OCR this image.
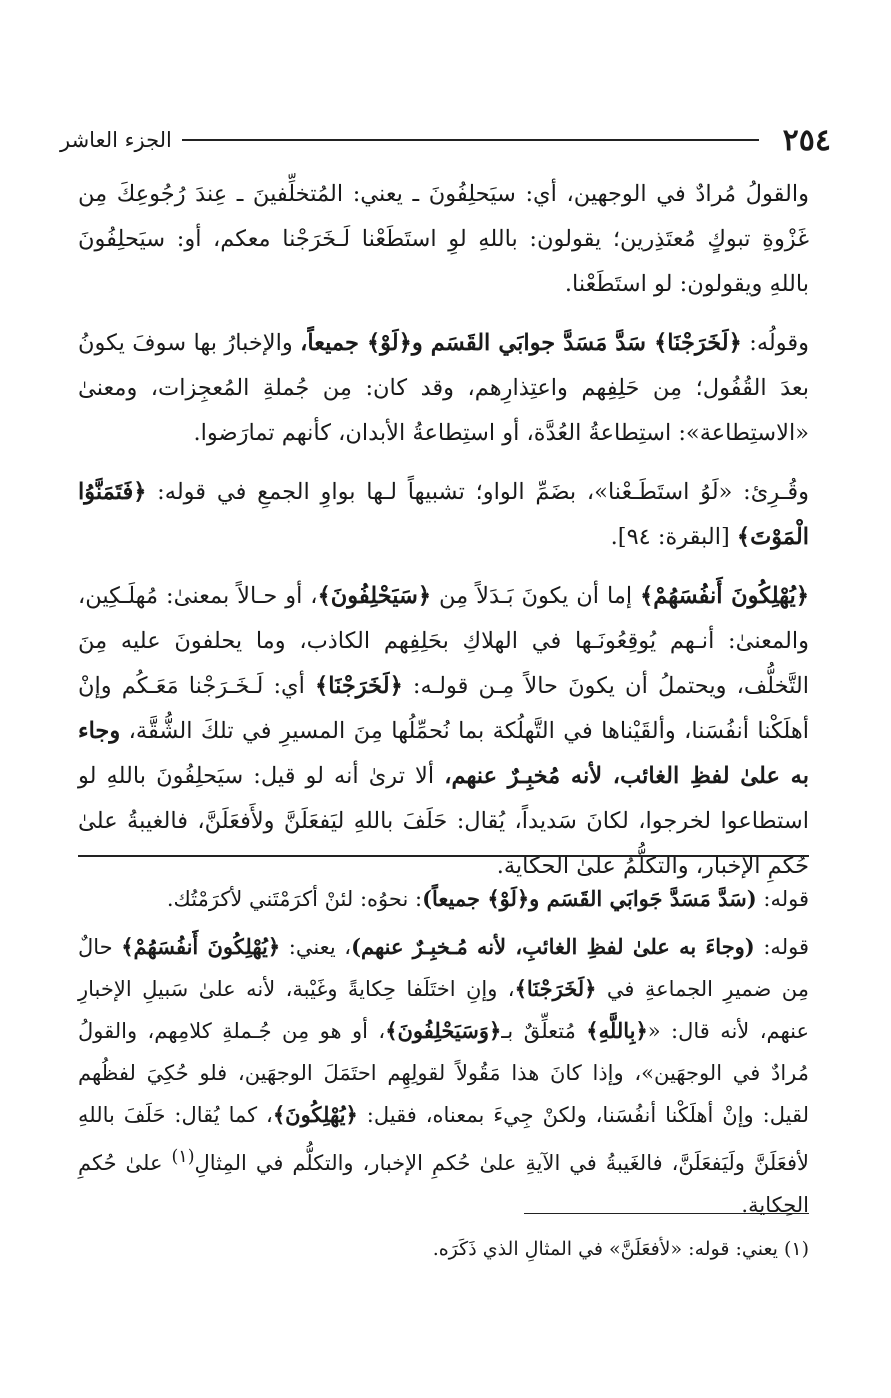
٢٥٤
الجزء العاشر

والقولُ مُرادٌ في الوجهين، أي: سيَحلِفُونَ ـ يعني: المُتخلِّفينَ ـ عِندَ رُجُوعِكَ مِن غَزْوةِ تبوكٍ مُعتَذِرين؛ يقولون: باللهِ لوِ استَطَعْنا لَـخَرَجْنا معكم، أو: سيَحلِفُونَ باللهِ ويقولون: لو استَطَعْنا.

وقولُه: ﴿لَخَرَجْنَا﴾ سَدَّ مَسَدَّ جوابَي القَسَم و﴿لَوْ﴾ جميعاً، والإخبارُ بها سوفَ يكونُ بعدَ القُفُول؛ مِن حَلِفِهم واعتِذارِهم، وقد كان: مِن جُملةِ المُعجِزات، ومعنىٰ «الاستِطاعة»: استِطاعةُ العُدَّة، أو استِطاعةُ الأبدان، كأنهم تمارَضوا.

وقُـرِئ: «لَوُ استَطَـعْنا»، بضَمِّ الواو؛ تشبيهاً لـها بواوِ الجمعِ في قوله: ﴿فَتَمَنَّوُا الْمَوْتَ﴾ [البقرة: ٩٤].

﴿يُهْلِكُونَ أَنفُسَهُمْ﴾ إما أن يكونَ بَـدَلاً مِن ﴿سَيَحْلِفُونَ﴾، أو حـالاً بمعنىٰ: مُهلَـكِين، والمعنىٰ: أنـهم يُوقِعُونَـها في الهلاكِ بحَلِفِهم الكاذب، وما يحلفونَ عليه مِنَ التَّخلُّف، ويحتملُ أن يكونَ حالاً مِـن قولـه: ﴿لَخَرَجْنَا﴾ أي: لَـخَـرَجْنا مَعَـكُم وإنْ أهلَكْنا أنفُسَنا، وألقَيْناها في التَّهلُكة بما نُحمِّلُها مِنَ المسيرِ في تلكَ الشُّقَّة، وجاء به علىٰ لفظِ الغائب، لأنه مُخبِـرٌ عنهم، ألا ترىٰ أنه لو قيل: سيَحلِفُونَ باللهِ لو استطاعوا لخرجوا، لكانَ سَديداً، يُقال: حَلَفَ باللهِ ليَفعَلَنَّ ولأَفعَلَنَّ، فالغيبةُ علىٰ حُكمِ الإخبار، والتكلُّمُ علىٰ الحكاية.

قوله: (سَدَّ مَسَدَّ جَوابَي القَسَم و﴿لَوْ﴾ جميعاً): نحوُه: لئنْ أكرَمْتَني لأكرَمْتُك.

قوله: (وجاءَ به علىٰ لفظِ الغائبِ، لأنه مُـخبِـرٌ عنهم)، يعني: ﴿يُهْلِكُونَ أَنفُسَهُمْ﴾ حالٌ مِن ضميرِ الجماعةِ في ﴿لَخَرَجْنَا﴾، وإنِ اختَلَفا حِكايةً وغَيْبة، لأنه علىٰ سَبيلِ الإخبارِ عنهم، لأنه قال: «﴿بِاللَّهِ﴾ مُتعلِّقٌ بـ﴿وَسَيَحْلِفُونَ﴾، أو هو مِن جُـملةِ كلامِهم، والقولُ مُرادٌ في الوجهَين»، وإذا كانَ هذا مَقُولاً لقولِهِم احتَمَلَ الوجهَين، فلو حُكِيَ لفظُهم لقيل: وإنْ أهلَكْنا أنفُسَنا، ولكنْ جِيءَ بمعناه، فقيل: ﴿يُهْلِكُونَ﴾، كما يُقال: حَلَفَ باللهِ لأفعَلَنَّ ولَيَفعَلَنَّ، فالغَيبةُ في الآيةِ علىٰ حُكمِ الإخبار، والتكلُّم في المِثالِ$^{(١)}$ علىٰ حُكمِ الحِكاية.

(١) يعني: قوله: «لأفعَلَنَّ» في المثالِ الذي ذَكَرَه.
